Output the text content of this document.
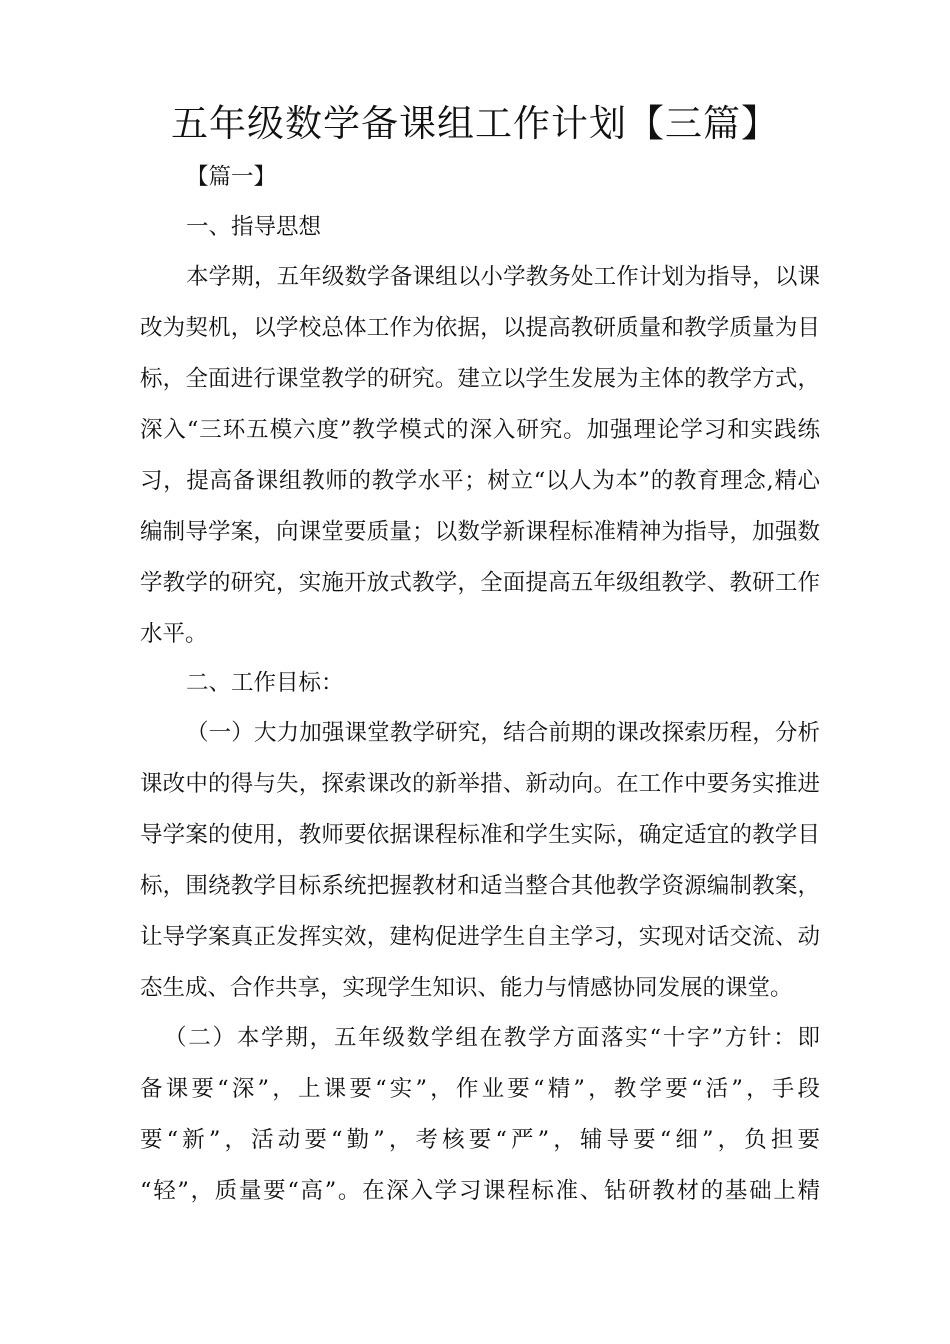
五年级数学备课组工作计划【三篇】
【篇一】
一、指导思想
本学期，五年级数学备课组以小学教务处工作计划为指导，以课
改为契机，以学校总体工作为依据，以提高教研质量和教学质量为目
标，全面进行课堂教学的研究。建立以学生发展为主体的教学方式，
深入“三环五模六度”教学模式的深入研究。加强理论学习和实践练
习，提高备课组教师的教学水平；树立“以人为本”的教育理念,精心
编制导学案，向课堂要质量；以数学新课程标准精神为指导，加强数
学教学的研究，实施开放式教学，全面提高五年级组教学、教研工作
水平。
二、工作目标：
（一）大力加强课堂教学研究，结合前期的课改探索历程，分析
课改中的得与失，探索课改的新举措、新动向。在工作中要务实推进
导学案的使用，教师要依据课程标准和学生实际，确定适宜的教学目
标，围绕教学目标系统把握教材和适当整合其他教学资源编制教案，
让导学案真正发挥实效，建构促进学生自主学习，实现对话交流、动
态生成、合作共享，实现学生知识、能力与情感协同发展的课堂。
（二）本学期，五年级数学组在教学方面落实“十字”方针：即
备课要“深”，上课要“实”，作业要“精”，教学要“活”，手段
要“新”，活动要“勤”，考核要“严”，辅导要“细”，负担要
“轻”，质量要“高”。在深入学习课程标准、钻研教材的基础上精
